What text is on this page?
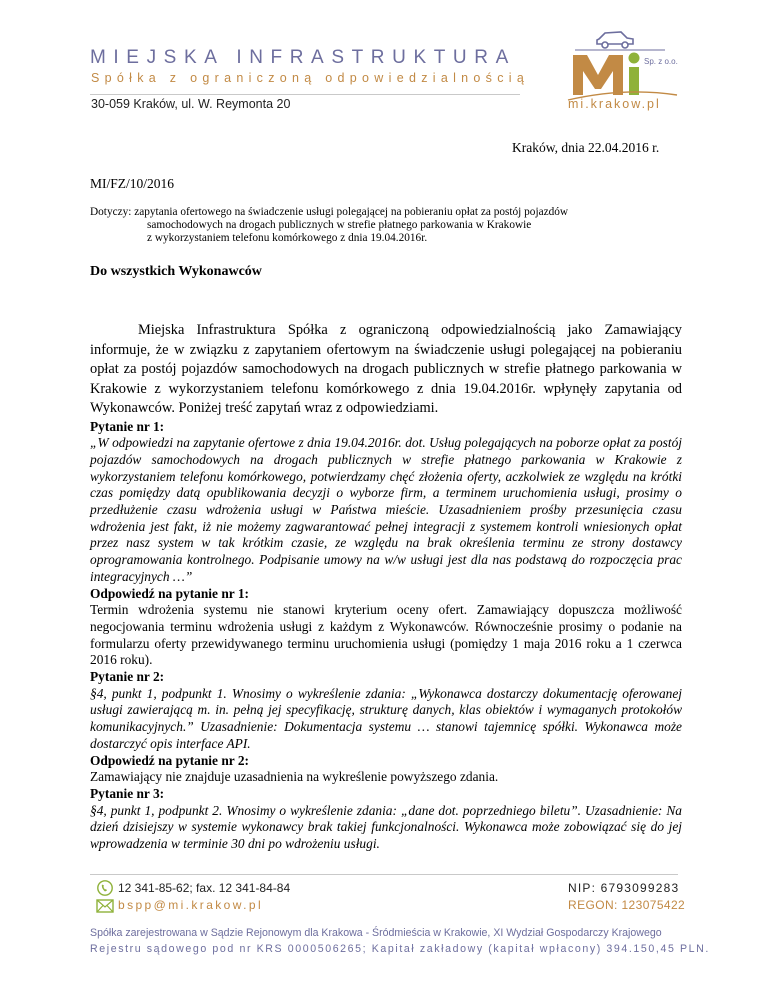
MIEJSKA INFRASTRUKTURA
Spółka z ograniczoną odpowiedzialnością
30-059 Kraków, ul. W. Reymonta 20
Sp. z o.o.
mi.krakow.pl
Kraków, dnia 22.04.2016 r.
MI/FZ/10/2016
Dotyczy: zapytania ofertowego na świadczenie usługi polegającej na pobieraniu opłat za postój pojazdów

samochodowych na drogach publicznych w strefie płatnego parkowania w Krakowie
z wykorzystaniem telefonu komórkowego z dnia 19.04.2016r.
Do wszystkich Wykonawców

Miejska Infrastruktura Spółka z ograniczoną odpowiedzialnością jako Zamawiający informuje, że w związku z zapytaniem ofertowym na świadczenie usługi polegającej na pobieraniu opłat za postój pojazdów samochodowych na drogach publicznych w strefie płatnego parkowania w Krakowie z wykorzystaniem telefonu komórkowego z dnia 19.04.2016r. wpłynęły zapytania od Wykonawców. Poniżej treść zapytań wraz z odpowiedziami.

Pytanie nr 1:

„W odpowiedzi na zapytanie ofertowe z dnia 19.04.2016r. dot. Usług polegających na poborze opłat za postój pojazdów samochodowych na drogach publicznych w strefie płatnego parkowania w Krakowie z wykorzystaniem telefonu komórkowego, potwierdzamy chęć złożenia oferty, aczkolwiek ze względu na krótki czas pomiędzy datą opublikowania decyzji o wyborze firm, a terminem uruchomienia usługi, prosimy o przedłużenie czasu wdrożenia usługi w Państwa mieście. Uzasadnieniem prośby przesunięcia czasu wdrożenia jest fakt, iż nie możemy zagwarantować pełnej integracji z systemem kontroli wniesionych opłat przez nasz system w tak krótkim czasie, ze względu na brak określenia terminu ze strony dostawcy oprogramowania kontrolnego. Podpisanie umowy na w/w usługi jest dla nas podstawą do rozpoczęcia prac integracyjnych …”

Odpowiedź na pytanie nr 1:

Termin wdrożenia systemu nie stanowi kryterium oceny ofert. Zamawiający dopuszcza możliwość negocjowania terminu wdrożenia usługi z każdym z Wykonawców. Równocześnie prosimy o podanie na formularzu oferty przewidywanego terminu uruchomienia usługi (pomiędzy 1 maja 2016 roku a 1 czerwca 2016 roku).

Pytanie nr 2:

§4, punkt 1, podpunkt 1. Wnosimy o wykreślenie zdania: „Wykonawca dostarczy dokumentację oferowanej usługi zawierającą m. in. pełną jej specyfikację, strukturę danych, klas obiektów i wymaganych protokołów komunikacyjnych.” Uzasadnienie: Dokumentacja systemu … stanowi tajemnicę spółki. Wykonawca może dostarczyć opis interface API.

Odpowiedź na pytanie nr 2:

Zamawiający nie znajduje uzasadnienia na wykreślenie powyższego zdania.

Pytanie nr 3:

§4, punkt 1, podpunkt 2. Wnosimy o wykreślenie zdania: „dane dot. poprzedniego biletu”. Uzasadnienie: Na dzień dzisiejszy w systemie wykonawcy brak takiej funkcjonalności. Wykonawca może zobowiązać się do jej wprowadzenia w terminie 30 dni po wdrożeniu usługi.

12 341-85-62; fax. 12 341-84-84
bspp@mi.krakow.pl
NIP: 6793099283
REGON: 123075422
Spółka zarejestrowana w Sądzie Rejonowym dla Krakowa - Śródmieścia w Krakowie, XI Wydział Gospodarczy Krajowego
Rejestru sądowego pod nr KRS 0000506265; Kapitał zakładowy (kapitał wpłacony) 394.150,45 PLN.
